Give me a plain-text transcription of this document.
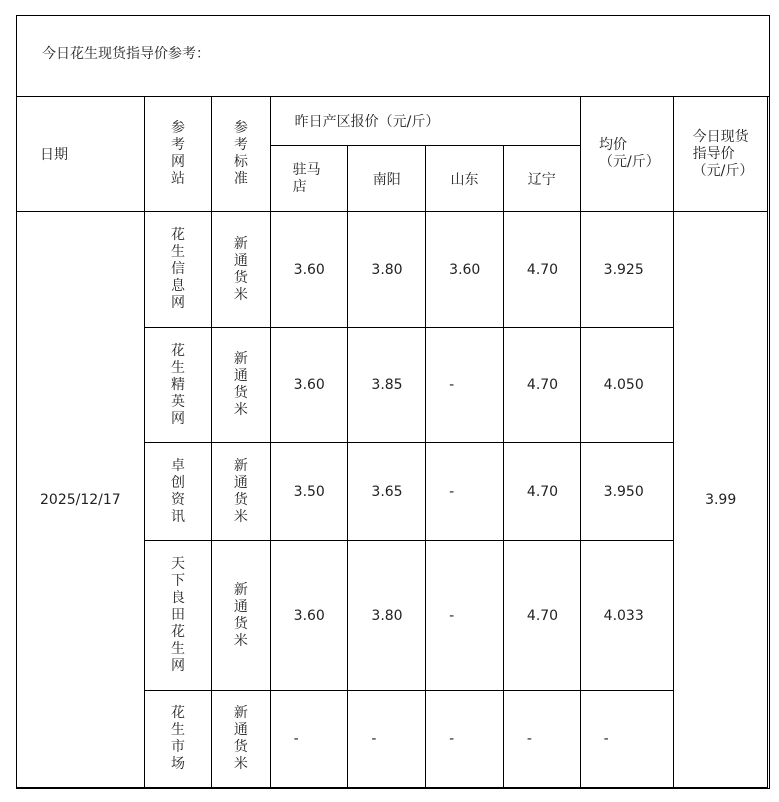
今日花生现货指导价参考：
日期	参考网站	参考标准	昨日产区报价（元/斤）				均价（元/斤）	今日现货指导价（元/斤）

			驻马店	南阳	山东	辽宁		
2025/12/17	花生信息网	新通货米	3.60	3.80	3.60	4.70	3.925	3.99
	花生精英网	新通货米	3.60	3.85	-	4.70	4.050	
	卓创资讯	新通货米	3.50	3.65	-	4.70	3.950	
	天下良田花生网	新通货米	3.60	3.80	-	4.70	4.033	
	花生市场	新通货米	-	-	-	-	-	
